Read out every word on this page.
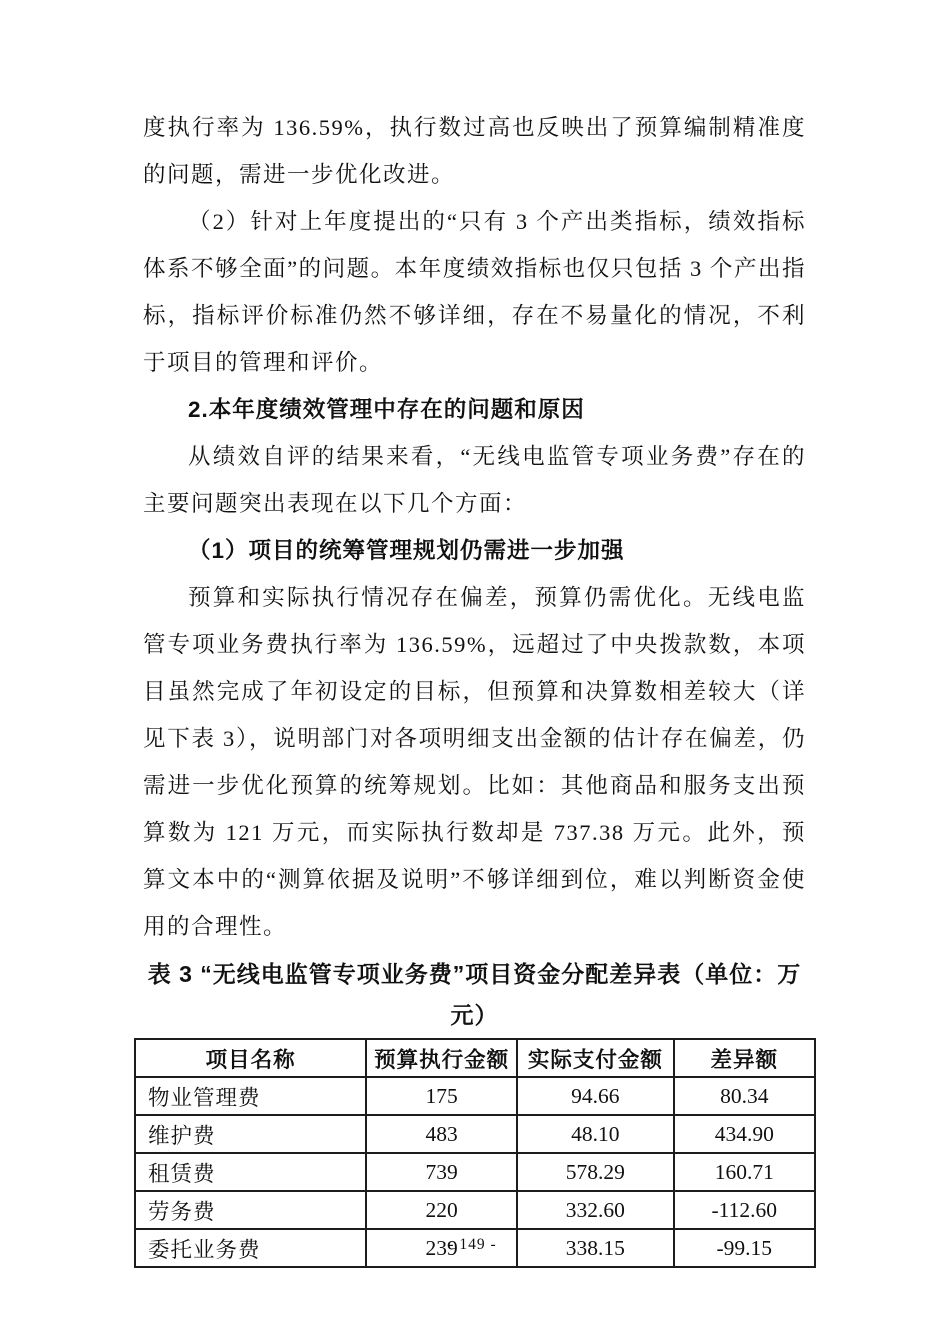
度执行率为 136.59%，执行数过高也反映出了预算编制精准度的问题，需进一步优化改进。

（2）针对上年度提出的“只有 3 个产出类指标，绩效指标体系不够全面”的问题。本年度绩效指标也仅只包括 3 个产出指标，指标评价标准仍然不够详细，存在不易量化的情况，不利于项目的管理和评价。

2.本年度绩效管理中存在的问题和原因

从绩效自评的结果来看，“无线电监管专项业务费”存在的主要问题突出表现在以下几个方面：

（1）项目的统筹管理规划仍需进一步加强

预算和实际执行情况存在偏差，预算仍需优化。无线电监管专项业务费执行率为 136.59%，远超过了中央拨款数，本项目虽然完成了年初设定的目标，但预算和决算数相差较大（详见下表 3），说明部门对各项明细支出金额的估计存在偏差，仍需进一步优化预算的统筹规划。比如：其他商品和服务支出预算数为 121 万元，而实际执行数却是 737.38 万元。此外，预算文本中的“测算依据及说明”不够详细到位，难以判断资金使用的合理性。

表 3 “无线电监管专项业务费”项目资金分配差异表（单位：万元）

项目名称	预算执行金额	实际支付金额	差异额
物业管理费	175	94.66	80.34
维护费	483	48.10	434.90
租赁费	739	578.29	160.71
劳务费	220	332.60	-112.60
委托业务费	239	338.15	-99.15
- 149 -
